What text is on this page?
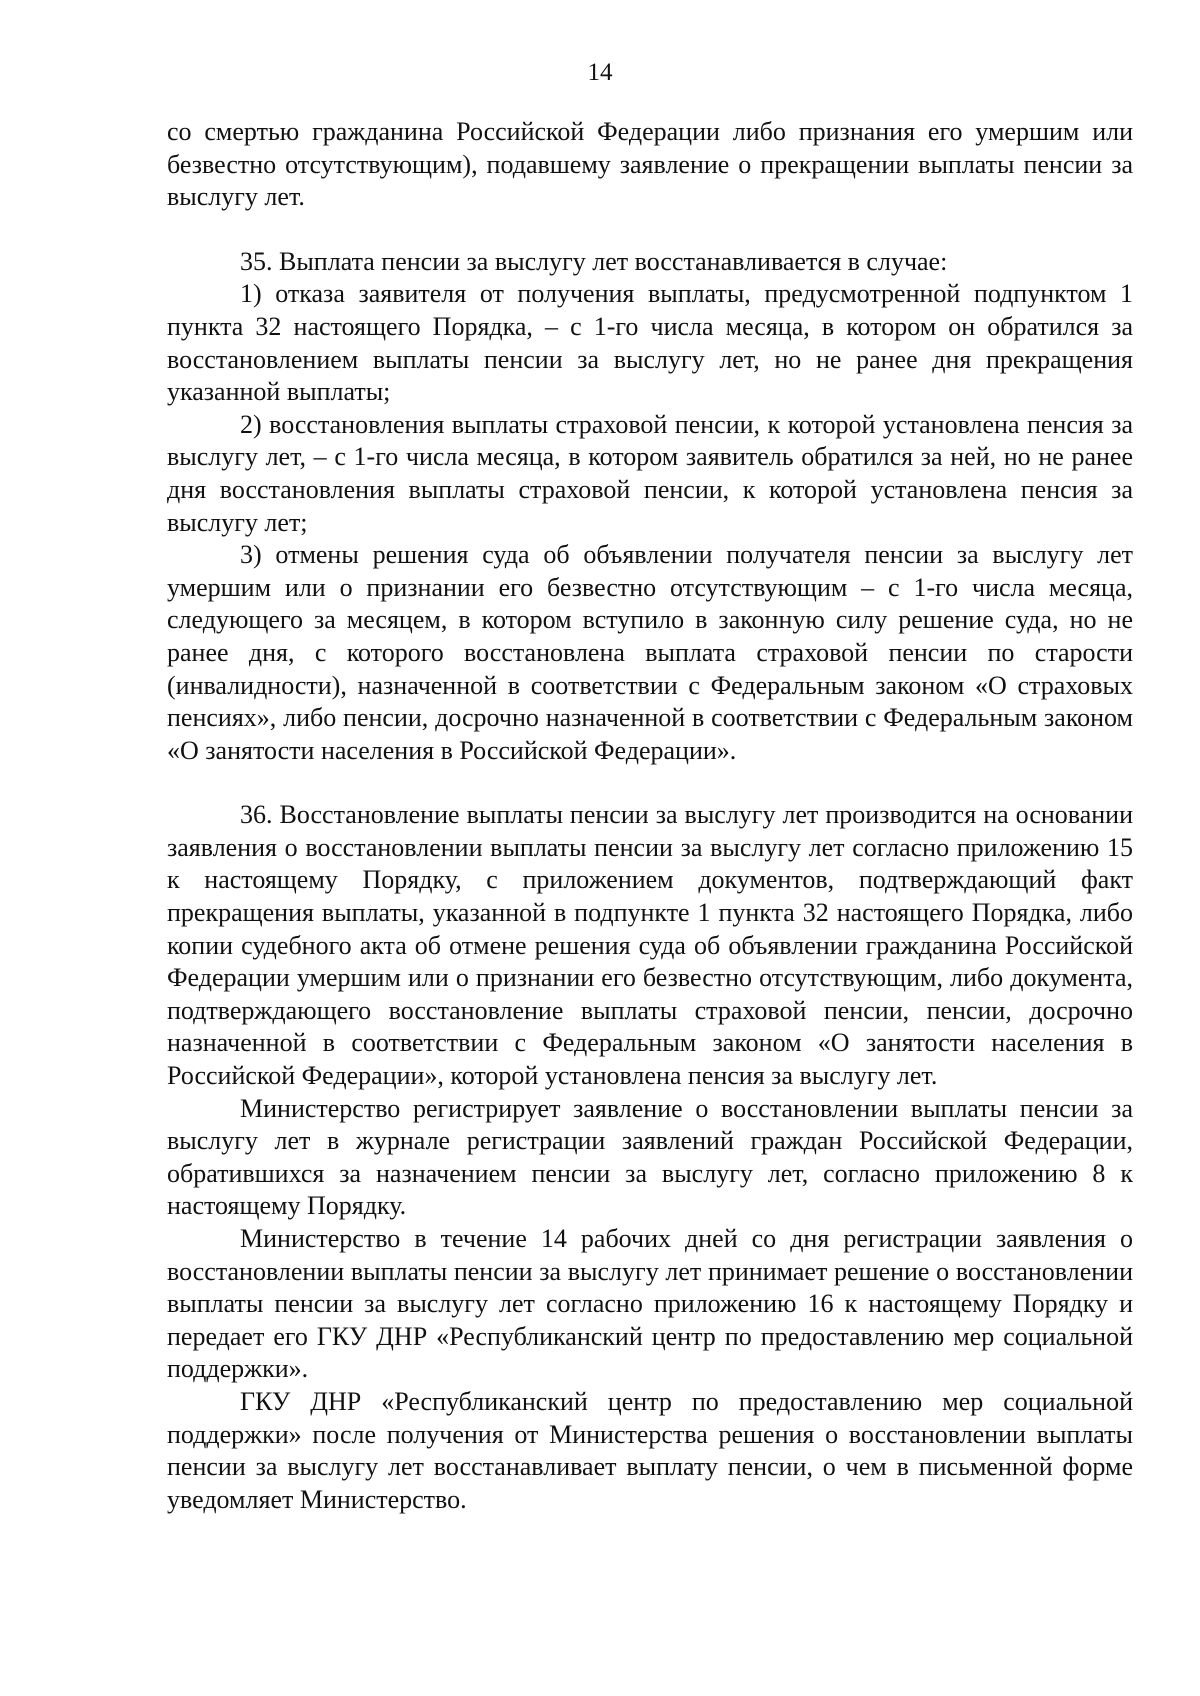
14

со смертью гражданина Российской Федерации либо признания его умершим или безвестно отсутствующим), подавшему заявление о прекращении выплаты пенсии за выслугу лет.

35. Выплата пенсии за выслугу лет восстанавливается в случае:

1) отказа заявителя от получения выплаты, предусмотренной подпунктом 1 пункта 32 настоящего Порядка, – с 1-го числа месяца, в котором он обратился за восстановлением выплаты пенсии за выслугу лет, но не ранее дня прекращения указанной выплаты;

2) восстановления выплаты страховой пенсии, к которой установлена пенсия за выслугу лет, – с 1-го числа месяца, в котором заявитель обратился за ней, но не ранее дня восстановления выплаты страховой пенсии, к которой установлена пенсия за выслугу лет;

3) отмены решения суда об объявлении получателя пенсии за выслугу лет умершим или о признании его безвестно отсутствующим – с 1-го числа месяца, следующего за месяцем, в котором вступило в законную силу решение суда, но не ранее дня, с которого восстановлена выплата страховой пенсии по старости (инвалидности), назначенной в соответствии с Федеральным законом «О страховых пенсиях», либо пенсии, досрочно назначенной в соответствии с Федеральным законом «О занятости населения в Российской Федерации».

36. Восстановление выплаты пенсии за выслугу лет производится на основании заявления о восстановлении выплаты пенсии за выслугу лет согласно приложению 15 к настоящему Порядку, с приложением документов, подтверждающий факт прекращения выплаты, указанной в подпункте 1 пункта 32 настоящего Порядка, либо копии судебного акта об отмене решения суда об объявлении гражданина Российской Федерации умершим или о признании его безвестно отсутствующим, либо документа, подтверждающего восстановление выплаты страховой пенсии, пенсии, досрочно назначенной в соответствии с Федеральным законом «О занятости населения в Российской Федерации», которой установлена пенсия за выслугу лет.

Министерство регистрирует заявление о восстановлении выплаты пенсии за выслугу лет в журнале регистрации заявлений граждан Российской Федерации, обратившихся за назначением пенсии за выслугу лет, согласно приложению 8 к настоящему Порядку.

Министерство в течение 14 рабочих дней со дня регистрации заявления о восстановлении выплаты пенсии за выслугу лет принимает решение о восстановлении выплаты пенсии за выслугу лет согласно приложению 16 к настоящему Порядку и передает его ГКУ ДНР «Республиканский центр по предоставлению мер социальной поддержки».

ГКУ ДНР «Республиканский центр по предоставлению мер социальной поддержки» после получения от Министерства решения о восстановлении выплаты пенсии за выслугу лет восстанавливает выплату пенсии, о чем в письменной форме уведомляет Министерство.
